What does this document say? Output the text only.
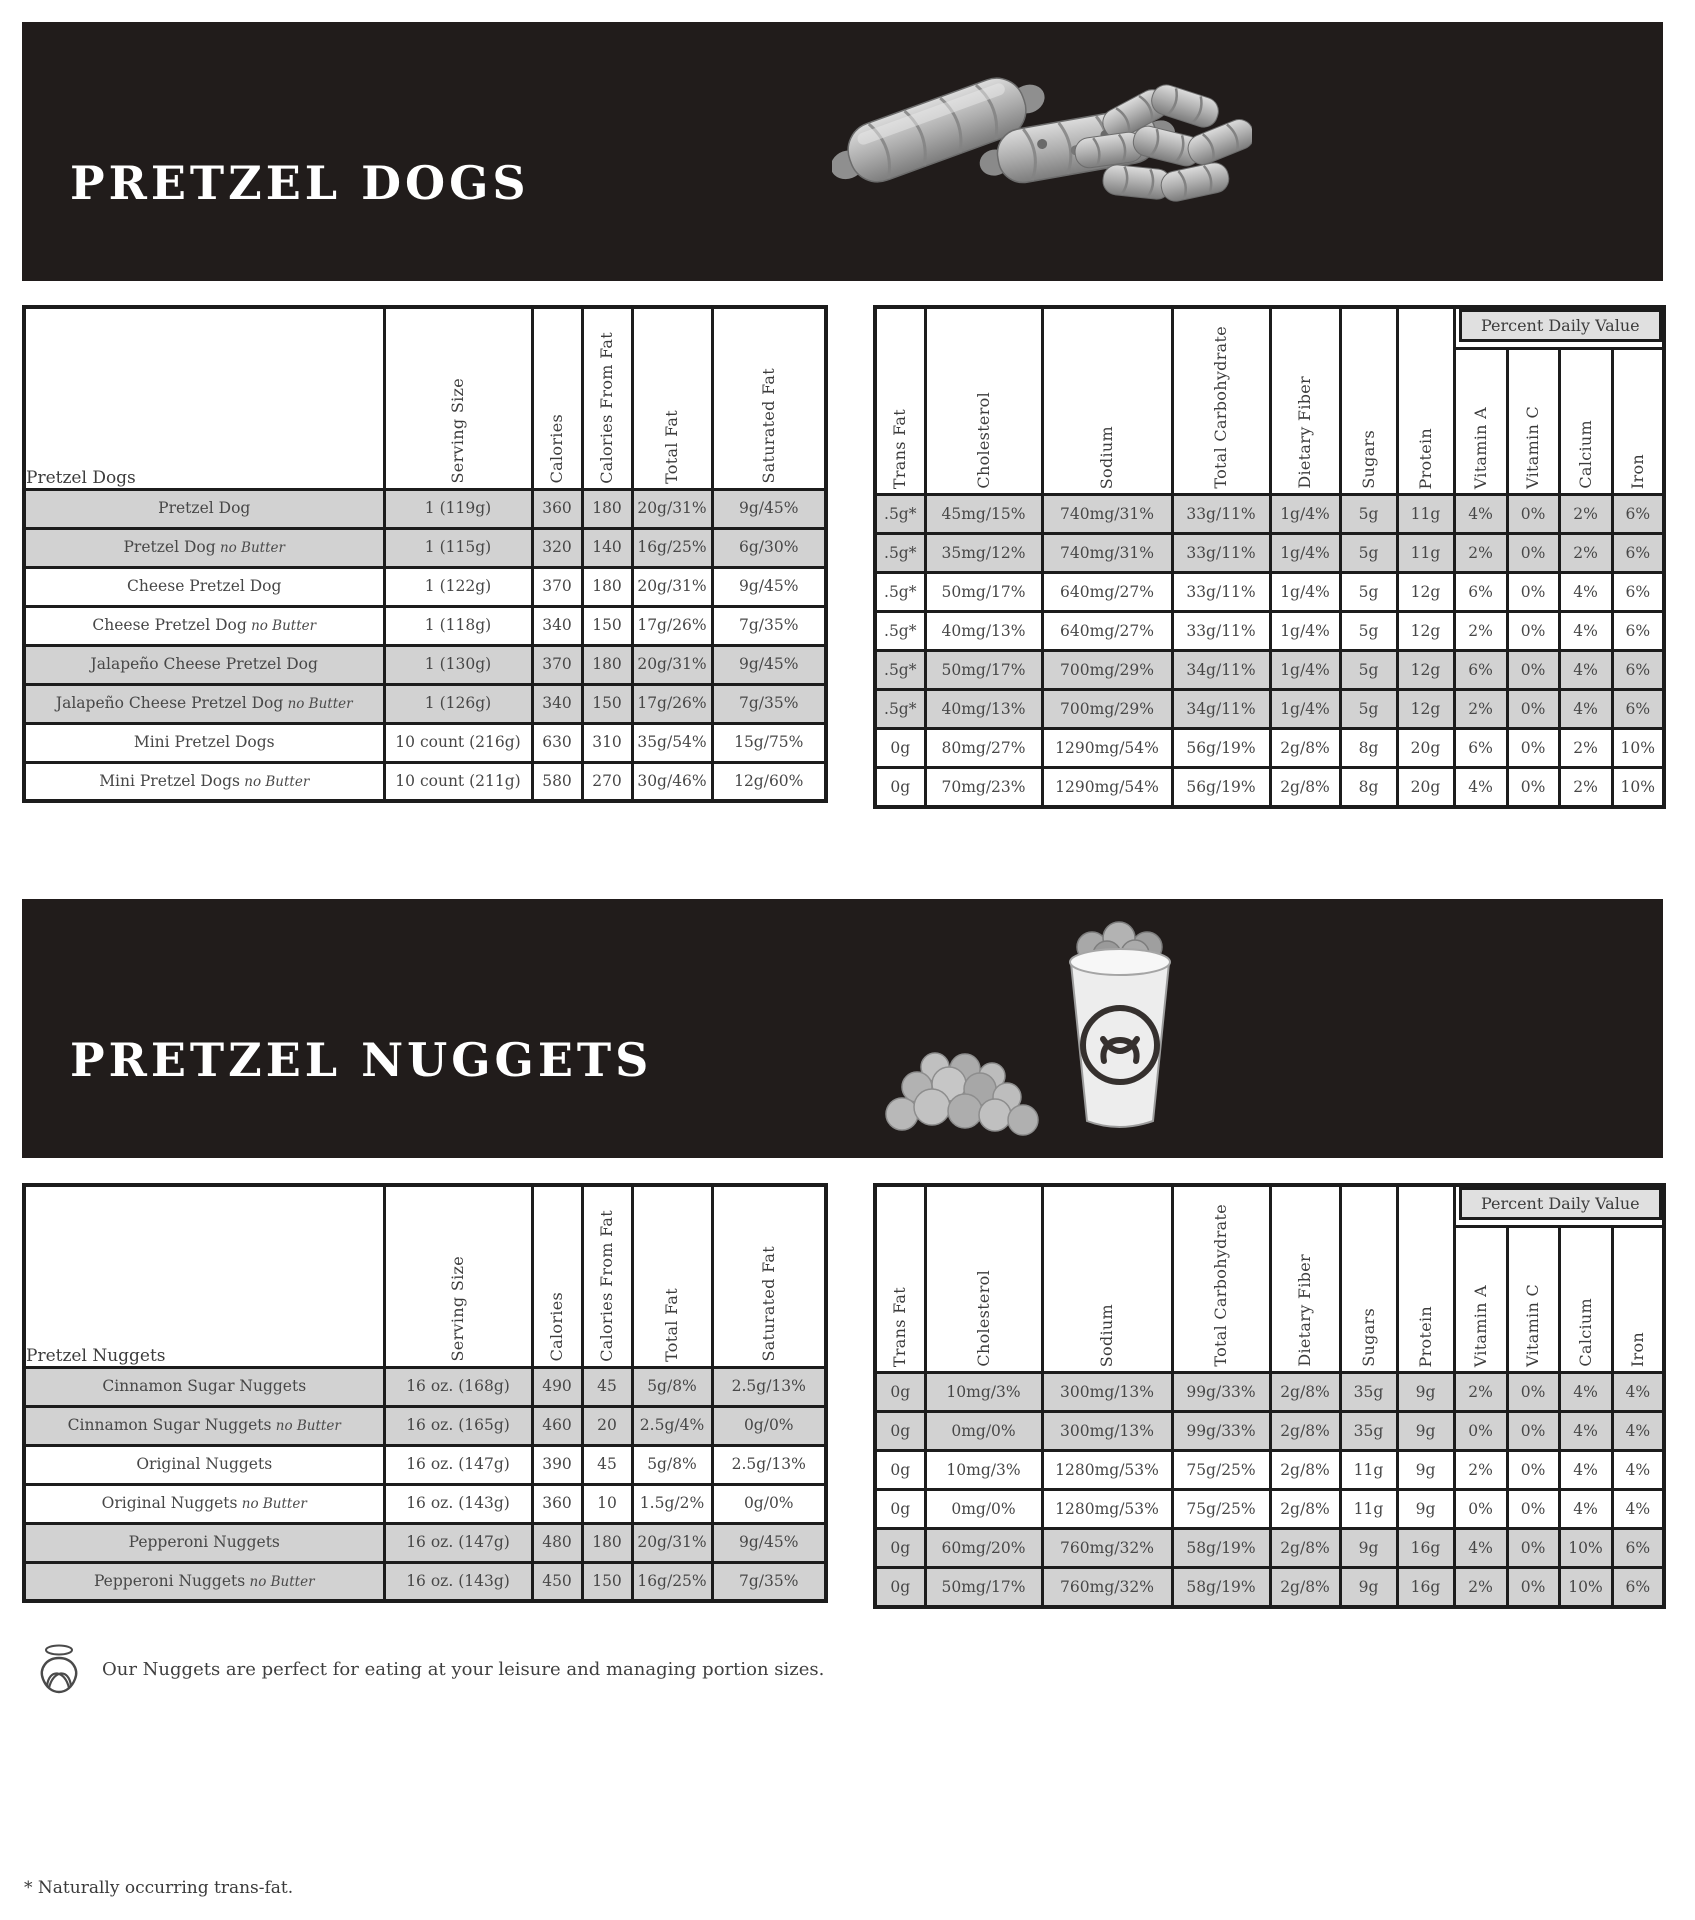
PRETZEL DOGS
Pretzel Dogs	Serving Size	Calories	Calories From Fat	Total Fat	Saturated Fat
Pretzel Dog	1 (119g)	360	180	20g/31%	9g/45%
Pretzel Dog no Butter	1 (115g)	320	140	16g/25%	6g/30%
Cheese Pretzel Dog	1 (122g)	370	180	20g/31%	9g/45%
Cheese Pretzel Dog no Butter	1 (118g)	340	150	17g/26%	7g/35%
Jalapeño Cheese Pretzel Dog	1 (130g)	370	180	20g/31%	9g/45%
Jalapeño Cheese Pretzel Dog no Butter	1 (126g)	340	150	17g/26%	7g/35%
Mini Pretzel Dogs	10 count (216g)	630	310	35g/54%	15g/75%
Mini Pretzel Dogs no Butter	10 count (211g)	580	270	30g/46%	12g/60%
Trans Fat	Cholesterol	Sodium	Total Carbohydrate	Dietary Fiber	Sugars	Protein	Percent Daily Value			

							Vitamin A	Vitamin C	Calcium	Iron
.5g*	45mg/15%	740mg/31%	33g/11%	1g/4%	5g	11g	4%	0%	2%	6%
.5g*	35mg/12%	740mg/31%	33g/11%	1g/4%	5g	11g	2%	0%	2%	6%
.5g*	50mg/17%	640mg/27%	33g/11%	1g/4%	5g	12g	6%	0%	4%	6%
.5g*	40mg/13%	640mg/27%	33g/11%	1g/4%	5g	12g	2%	0%	4%	6%
.5g*	50mg/17%	700mg/29%	34g/11%	1g/4%	5g	12g	6%	0%	4%	6%
.5g*	40mg/13%	700mg/29%	34g/11%	1g/4%	5g	12g	2%	0%	4%	6%
0g	80mg/27%	1290mg/54%	56g/19%	2g/8%	8g	20g	6%	0%	2%	10%
0g	70mg/23%	1290mg/54%	56g/19%	2g/8%	8g	20g	4%	0%	2%	10%
PRETZEL NUGGETS
Pretzel Nuggets	Serving Size	Calories	Calories From Fat	Total Fat	Saturated Fat
Cinnamon Sugar Nuggets	16 oz. (168g)	490	45	5g/8%	2.5g/13%
Cinnamon Sugar Nuggets no Butter	16 oz. (165g)	460	20	2.5g/4%	0g/0%
Original Nuggets	16 oz. (147g)	390	45	5g/8%	2.5g/13%
Original Nuggets no Butter	16 oz. (143g)	360	10	1.5g/2%	0g/0%
Pepperoni Nuggets	16 oz. (147g)	480	180	20g/31%	9g/45%
Pepperoni Nuggets no Butter	16 oz. (143g)	450	150	16g/25%	7g/35%
Trans Fat	Cholesterol	Sodium	Total Carbohydrate	Dietary Fiber	Sugars	Protein	Percent Daily Value			

							Vitamin A	Vitamin C	Calcium	Iron
0g	10mg/3%	300mg/13%	99g/33%	2g/8%	35g	9g	2%	0%	4%	4%
0g	0mg/0%	300mg/13%	99g/33%	2g/8%	35g	9g	0%	0%	4%	4%
0g	10mg/3%	1280mg/53%	75g/25%	2g/8%	11g	9g	2%	0%	4%	4%
0g	0mg/0%	1280mg/53%	75g/25%	2g/8%	11g	9g	0%	0%	4%	4%
0g	60mg/20%	760mg/32%	58g/19%	2g/8%	9g	16g	4%	0%	10%	6%
0g	50mg/17%	760mg/32%	58g/19%	2g/8%	9g	16g	2%	0%	10%	6%
Our Nuggets are perfect for eating at your leisure and managing portion sizes.
* Naturally occurring trans-fat.
